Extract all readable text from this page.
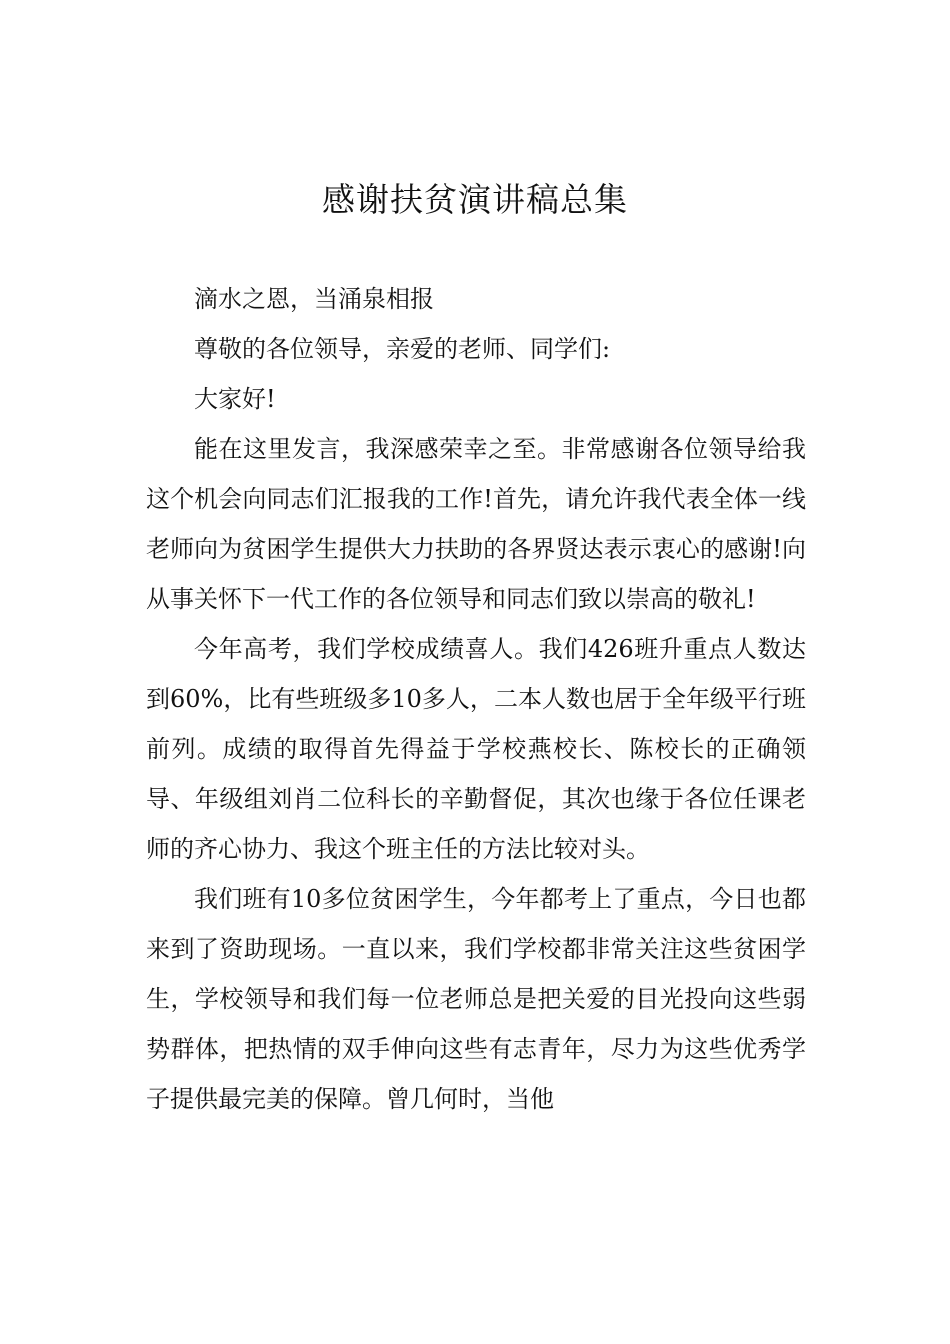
感谢扶贫演讲稿总集

滴水之恩，当涌泉相报

尊敬的各位领导，亲爱的老师、同学们:

大家好!

能在这里发言，我深感荣幸之至。非常感谢各位领导给我这个机会向同志们汇报我的工作!首先，请允许我代表全体一线老师向为贫困学生提供大力扶助的各界贤达表示衷心的感谢!向从事关怀下一代工作的各位领导和同志们致以崇高的敬礼!

今年高考，我们学校成绩喜人。我们426班升重点人数达到60%，比有些班级多10多人，二本人数也居于全年级平行班前列。成绩的取得首先得益于学校燕校长、陈校长的正确领导、年级组刘肖二位科长的辛勤督促，其次也缘于各位任课老师的齐心协力、我这个班主任的方法比较对头。

我们班有10多位贫困学生，今年都考上了重点，今日也都来到了资助现场。一直以来，我们学校都非常关注这些贫困学生，学校领导和我们每一位老师总是把关爱的目光投向这些弱势群体，把热情的双手伸向这些有志青年，尽力为这些优秀学子提供最完美的保障。曾几何时，当他
